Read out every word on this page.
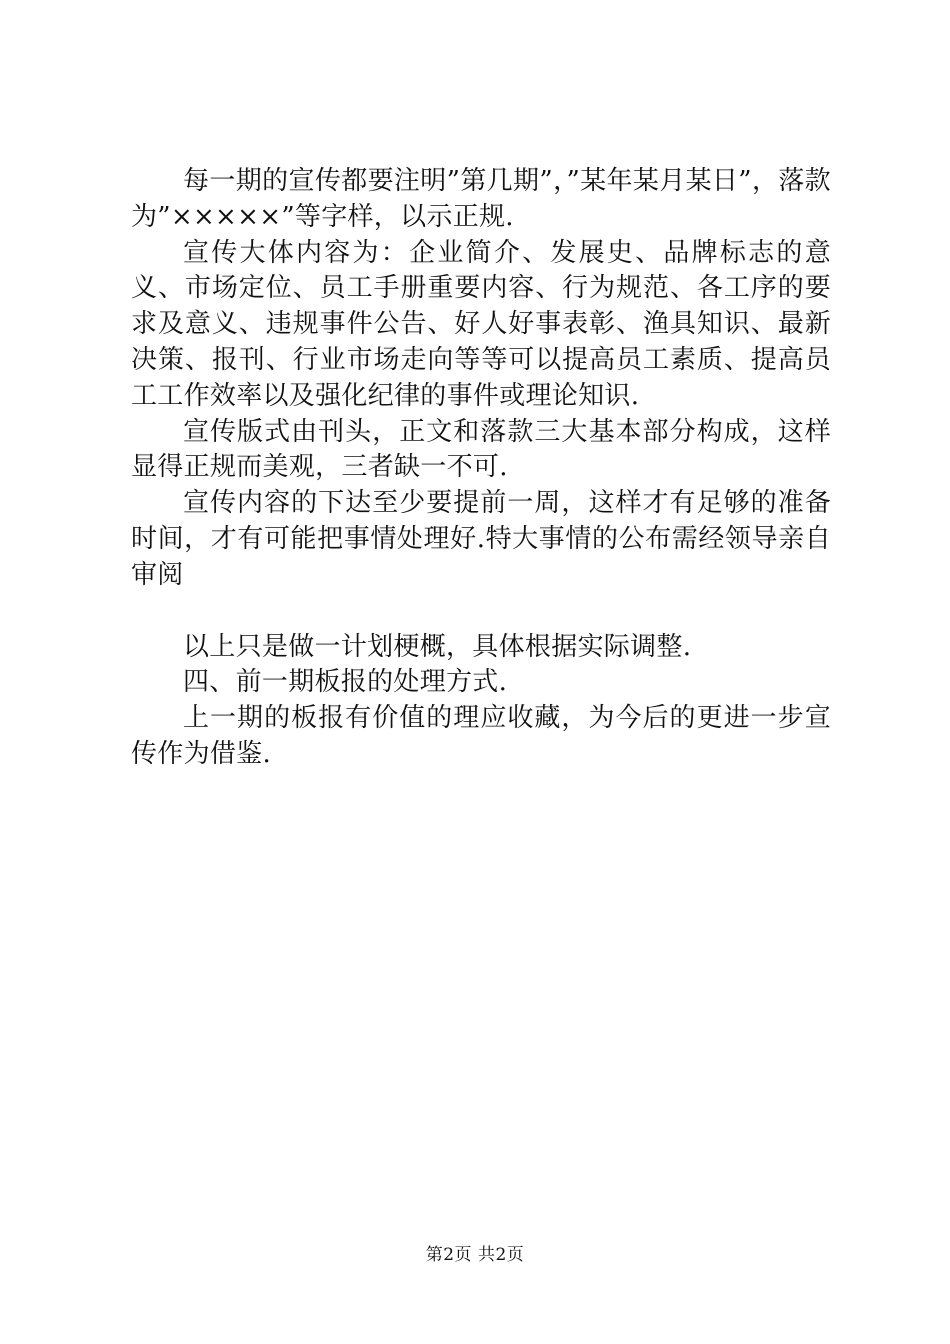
每一期的宣传都要注明”第几期”，”某年某月某日”，落款为”×××××”等字样，以示正规.

宣传大体内容为：企业简介、发展史、品牌标志的意义、市场定位、员工手册重要内容、行为规范、各工序的要求及意义、违规事件公告、好人好事表彰、渔具知识、最新决策、报刊、行业市场走向等等可以提高员工素质、提高员工工作效率以及强化纪律的事件或理论知识.

宣传版式由刊头，正文和落款三大基本部分构成，这样显得正规而美观，三者缺一不可.

宣传内容的下达至少要提前一周，这样才有足够的准备时间，才有可能把事情处理好.特大事情的公布需经领导亲自审阅

以上只是做一计划梗概，具体根据实际调整.

四、前一期板报的处理方式.

上一期的板报有价值的理应收藏，为今后的更进一步宣传作为借鉴.

第2页 共2页
